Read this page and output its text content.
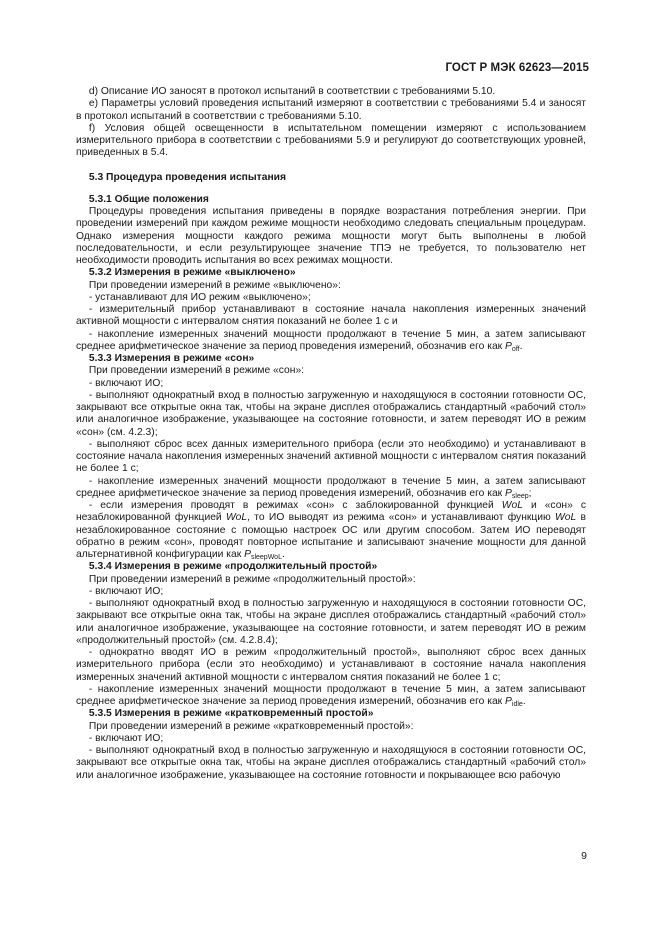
ГОСТ Р МЭК 62623—2015

d) Описание ИО заносят в протокол испытаний в соответствии с требованиями 5.10.

е) Параметры условий проведения испытаний измеряют в соответствии с требованиями 5.4 и заносят в протокол испытаний в соответствии с требованиями 5.10.

f) Условия общей освещенности в испытательном помещении измеряют с использованием измерительного прибора в соответствии с требованиями 5.9 и регулируют до соответствующих уровней, приведенных в 5.4.

5.3 Процедура проведения испытания

5.3.1 Общие положения

Процедуры проведения испытания приведены в порядке возрастания потребления энергии. При проведении измерений при каждом режиме мощности необходимо следовать специальным процедурам. Однако измерения мощности каждого режима мощности могут быть выполнены в любой последовательности, и если результирующее значение ТПЭ не требуется, то пользователю нет необходимости проводить испытания во всех режимах мощности.

5.3.2 Измерения в режиме «выключено»

При проведении измерений в режиме «выключено»:

- устанавливают для ИО режим «выключено»;

- измерительный прибор устанавливают в состояние начала накопления измеренных значений активной мощности с интервалом снятия показаний не более 1 с и

- накопление измеренных значений мощности продолжают в течение 5 мин, а затем записывают среднее арифметическое значение за период проведения измерений, обозначив его как $P_{off}$.

5.3.3 Измерения в режиме «сон»

При проведении измерений в режиме «сон»:

- включают ИО;

- выполняют однократный вход в полностью загруженную и находящуюся в состоянии готовности ОС, закрывают все открытые окна так, чтобы на экране дисплея отображались стандартный «рабочий стол» или аналогичное изображение, указывающее на состояние готовности, и затем переводят ИО в режим «сон» (см. 4.2.3);

- выполняют сброс всех данных измерительного прибора (если это необходимо) и устанавливают в состояние начала накопления измеренных значений активной мощности с интервалом снятия показаний не более 1 с;

- накопление измеренных значений мощности продолжают в течение 5 мин, а затем записывают среднее арифметическое значение за период проведения измерений, обозначив его как $P_{sleep}$;

- если измерения проводят в режимах «сон» с заблокированной функцией WoL и «сон» с незаблокированной функцией WoL, то ИО выводят из режима «сон» и устанавливают функцию WoL в незаблокированное состояние с помощью настроек ОС или другим способом. Затем ИО переводят обратно в режим «сон», проводят повторное испытание и записывают значение мощности для данной альтернативной конфигурации как $P_{sleepWoL}$.

5.3.4 Измерения в режиме «продолжительный простой»

При проведении измерений в режиме «продолжительный простой»:

- включают ИО;

- выполняют однократный вход в полностью загруженную и находящуюся в состоянии готовности ОС, закрывают все открытые окна так, чтобы на экране дисплея отображались стандартный «рабочий стол» или аналогичное изображение, указывающее на состояние готовности, и затем переводят ИО в режим «продолжительный простой» (см. 4.2.8.4);

- однократно вводят ИО в режим «продолжительный простой», выполняют сброс всех данных измерительного прибора (если это необходимо) и устанавливают в состояние начала накопления измеренных значений активной мощности с интервалом снятия показаний не более 1 с;

- накопление измеренных значений мощности продолжают в течение 5 мин, а затем записывают среднее арифметическое значение за период проведения измерений, обозначив его как $P_{idle}$.

5.3.5 Измерения в режиме «кратковременный простой»

При проведении измерений в режиме «кратковременный простой»:

- включают ИО;

- выполняют однократный вход в полностью загруженную и находящуюся в состоянии готовности ОС, закрывают все открытые окна так, чтобы на экране дисплея отображались стандартный «рабочий стол» или аналогичное изображение, указывающее на состояние готовности и покрывающее всю рабочую

9
